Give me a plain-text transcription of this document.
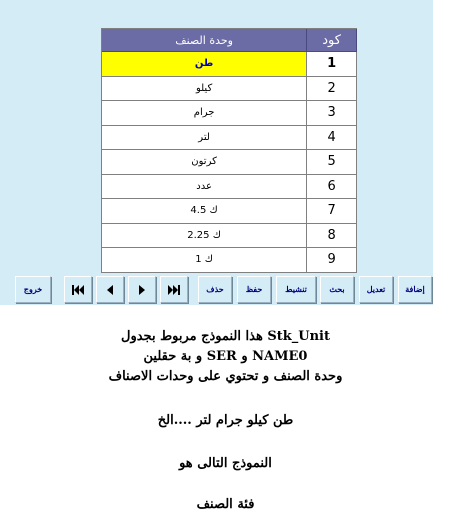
وحدة الصنف	كود
طن	1
كيلو	2
جرام	3
لتر	4
كرتون	5
عدد	6
4.5 ك	7
2.25 ك	8
1 ك	9
إضافة
تعديل
بحث
تنشيط
حفظ
حذف
خروج
هذا النموذج مربوط بجدول Stk_Unit
و بة حقلين SER و NAME0
وحدة الصنف و تحتوي على وحدات الاصناف
طن كيلو جرام لتر ....الخ
النموذج التالى هو
فئة الصنف
